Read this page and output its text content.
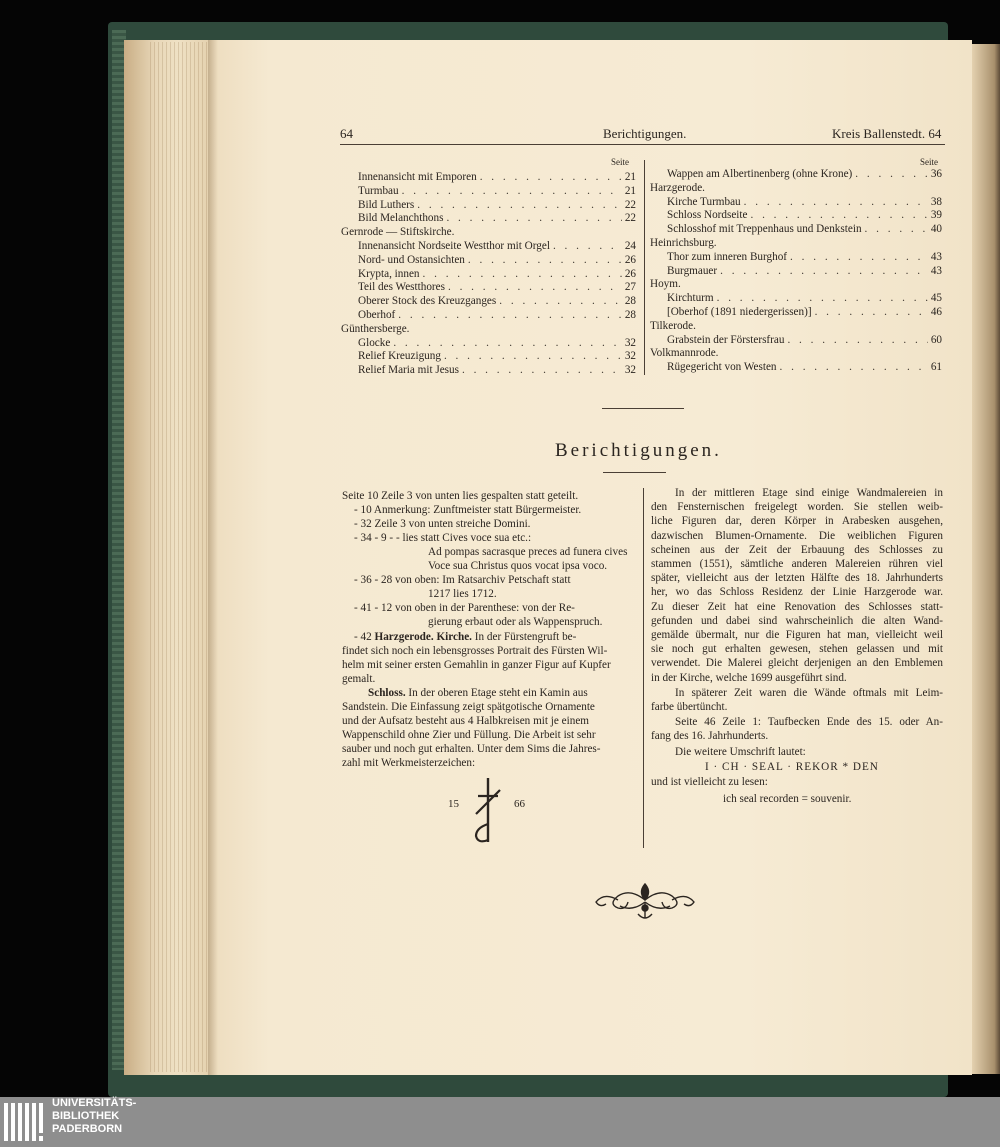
64	Berichtigungen.	Kreis Ballenstedt. 64
Seite	Seite
Innenansicht mit Emporen . . .	21
Turmbau . . .	21
Bild Luthers . . .	22
Bild Melanchthons . . .	22
Gernrode — Stiftskirche.
Innenansicht Nordseite Westthor mit Orgel . . .	24
Nord- und Ostansichten . . .	26
Krypta, innen . . .	26
Teil des Westthores . . .	27
Oberer Stock des Kreuzganges . . .	28
Oberhof . . .	28
Günthersberge.
Glocke . . .	32
Relief Kreuzigung . . .	32
Relief Maria mit Jesus . . .	32
Wappen am Albertinenberg (ohne Krone) . . .	36
Harzgerode.
Kirche Turmbau . . .	38
Schloss Nordseite . . .	39
Schlosshof mit Treppenhaus und Denkstein . . .	40
Heinrichsburg.
Thor zum inneren Burghof . . .	43
Burgmauer . . .	43
Hoym.
Kirchturm . . .	45
[Oberhof (1891 niedergerissen)] . . .	46
Tilkerode.
Grabstein der Förstersfrau . . .	60
Volkmannrode.
Rügegericht von Westen . . .	61
Berichtigungen.
Seite 10 Zeile 3 von unten lies gespalten statt geteilt.
- 10 Anmerkung: Zunftmeister statt Bürgermeister.
- 32 Zeile 3 von unten streiche Domini.
- 34 - 9 - - lies statt Cives voce sua etc.:
Ad pompas sacrasque preces ad funera cives
Voce sua Christus quos vocat ipsa voco.
- 36 - 28 von oben: Im Ratsarchiv Petschaft statt
1217 lies 1712.
- 41 - 12 von oben in der Parenthese: von der Re-
gierung erbaut oder als Wappenspruch.
- 42 Harzgerode. Kirche. In der Fürstengruft be-
findet sich noch ein lebensgrosses Portrait des Fürsten Wil-
helm mit seiner ersten Gemahlin in ganzer Figur auf Kupfer
gemalt.
Schloss. In der oberen Etage steht ein Kamin aus
Sandstein. Die Einfassung zeigt spätgotische Ornamente
und der Aufsatz besteht aus 4 Halbkreisen mit je einem
Wappenschild ohne Zier und Füllung. Die Arbeit ist sehr
sauber und noch gut erhalten. Unter dem Sims die Jahres-
zahl mit Werkmeisterzeichen:
15	66
In der mittleren Etage sind einige Wandmalereien in
den Fensternischen freigelegt worden. Sie stellen weib-
liche Figuren dar, deren Körper in Arabesken ausgehen,
dazwischen Blumen-Ornamente. Die weiblichen Figuren
scheinen aus der Zeit der Erbauung des Schlosses zu
stammen (1551), sämtliche anderen Malereien rühren viel
später, vielleicht aus der letzten Hälfte des 18. Jahrhunderts
her, wo das Schloss Residenz der Linie Harzgerode war.
Zu dieser Zeit hat eine Renovation des Schlosses statt-
gefunden und dabei sind wahrscheinlich die alten Wand-
gemälde übermalt, nur die Figuren hat man, vielleicht weil
sie noch gut erhalten gewesen, stehen gelassen und mit
verwendet. Die Malerei gleicht derjenigen an den Emblemen
in der Kirche, welche 1699 ausgeführt sind.
In späterer Zeit waren die Wände oftmals mit Leim-
farbe übertüncht.
Seite 46 Zeile 1: Taufbecken Ende des 15. oder An-
fang des 16. Jahrhunderts.
Die weitere Umschrift lautet:
I · CH · SEAL · REKOR * DEN
und ist vielleicht zu lesen:
ich seal recorden = souvenir.
UNIVERSITÄTS-
BIBLIOTHEK
PADERBORN
